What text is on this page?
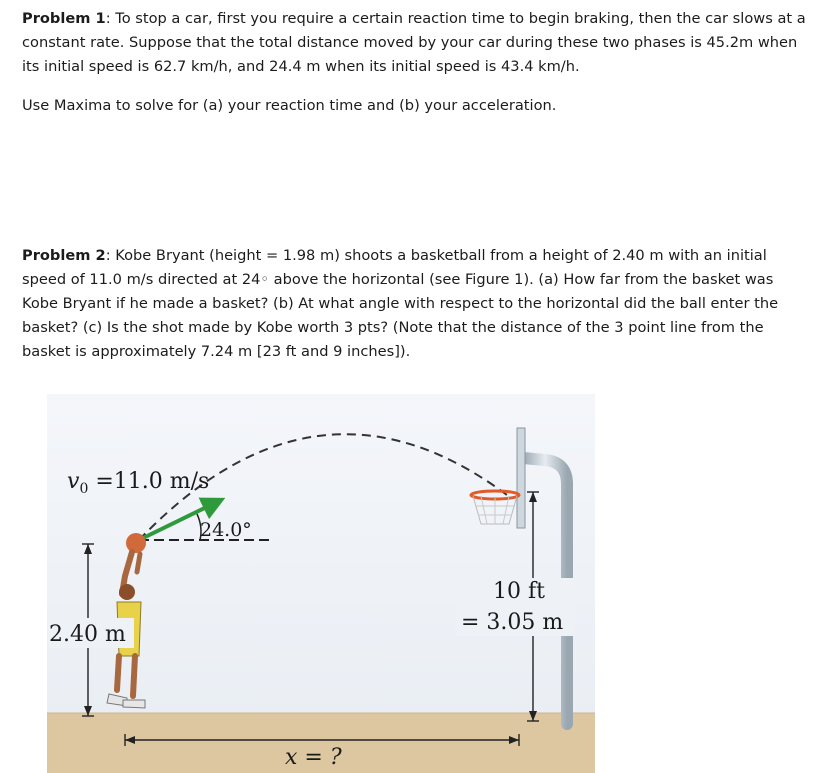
Problem 1: To stop a car, first you require a certain reaction time to begin braking, then the car slows at a constant rate. Suppose that the total distance moved by your car during these two phases is 45.2m when its initial speed is 62.7 km/h, and 24.4 m when its initial speed is 43.4 km/h.

Use Maxima to solve for (a) your reaction time and (b) your acceleration.

Problem 2: Kobe Bryant (height = 1.98 m) shoots a basketball from a height of 2.40 m with an initial speed of 11.0 m/s directed at 24◦ above the horizontal (see Figure 1). (a) How far from the basket was Kobe Bryant if he made a basket? (b) At what angle with respect to the horizontal did the ball enter the basket? (c) Is the shot made by Kobe worth 3 pts? (Note that the distance of the 3 point line from the basket is approximately 7.24 m [23 ft and 9 inches]).

$v_0 =11.0$ m/s
24.0°
2.40 m
10 ft
= 3.05 m
x = ?
